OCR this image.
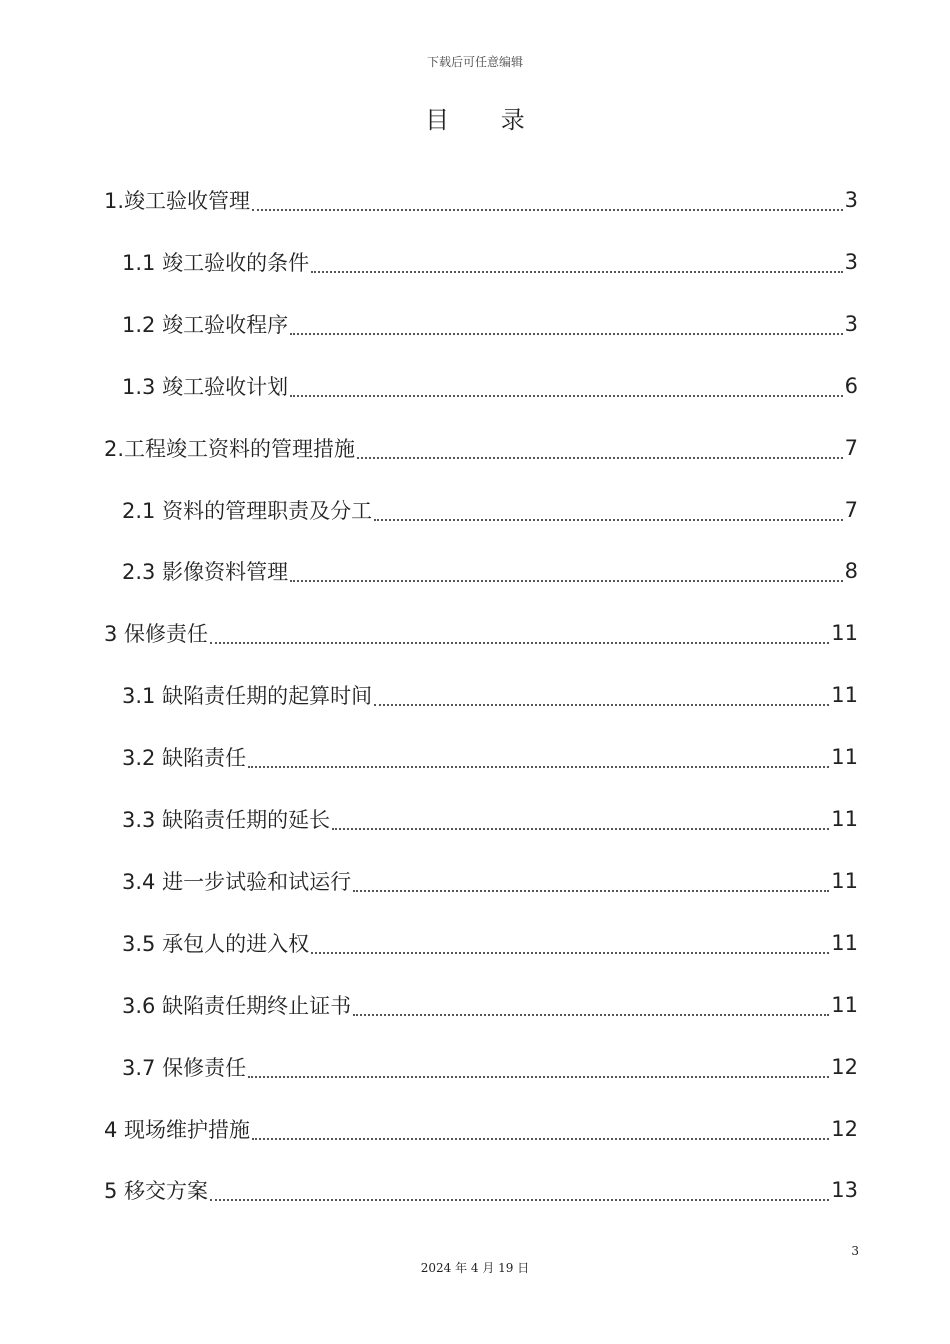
下载后可任意编辑
目 录
1.竣工验收管理	3
1.1 竣工验收的条件	3
1.2 竣工验收程序	3
1.3 竣工验收计划	6
2.工程竣工资料的管理措施	7
2.1 资料的管理职责及分工	7
2.3 影像资料管理	8
3 保修责任	11
3.1 缺陷责任期的起算时间	11
3.2 缺陷责任	11
3.3 缺陷责任期的延长	11
3.4 进一步试验和试运行	11
3.5 承包人的进入权	11
3.6 缺陷责任期终止证书	11
3.7 保修责任	12
4 现场维护措施	12
5 移交方案	13
3
2024 年 4 月 19 日
